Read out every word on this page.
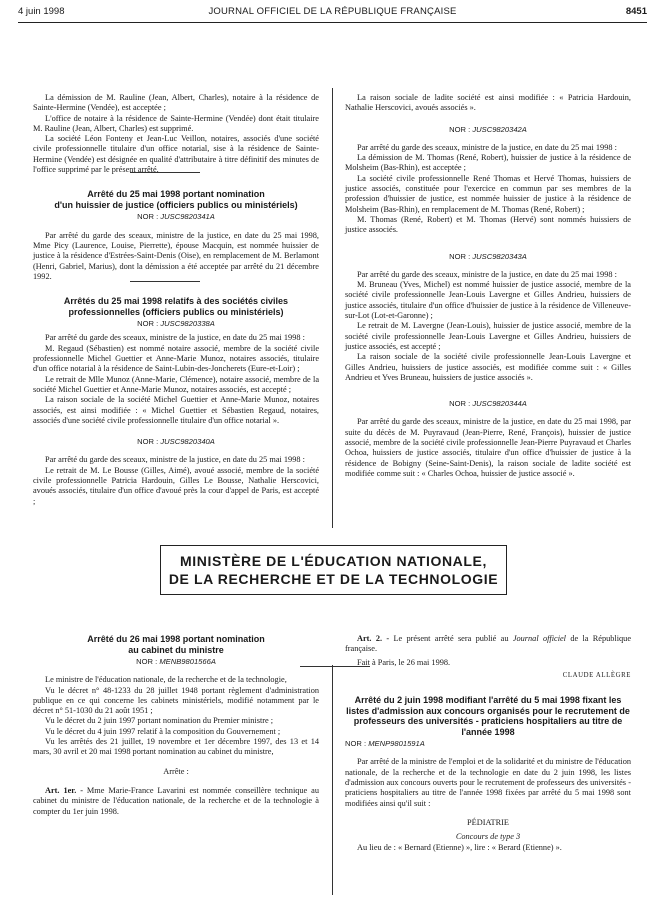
4 juin 1998	JOURNAL OFFICIEL DE LA RÉPUBLIQUE FRANÇAISE	8451

La démission de M. Rauline (Jean, Albert, Charles), notaire à la résidence de Sainte-Hermine (Vendée), est acceptée ;

L'office de notaire à la résidence de Sainte-Hermine (Vendée) dont était titulaire M. Rauline (Jean, Albert, Charles) est supprimé.

La société Léon Fonteny et Jean-Luc Veillon, notaires, associés d'une société civile professionnelle titulaire d'un office notarial, sise à la résidence de Sainte-Hermine (Vendée) est désignée en qualité d'attributaire à titre définitif des minutes de l'office supprimé par le présent arrêté.

Arrêté du 25 mai 1998 portant nomination
d'un huissier de justice (officiers publics ou ministériels)
NOR : JUSC9820341A

Par arrêté du garde des sceaux, ministre de la justice, en date du 25 mai 1998, Mme Picy (Laurence, Louise, Pierrette), épouse Macquin, est nommée huissier de justice à la résidence d'Estrées-Saint-Denis (Oise), en remplacement de M. Berlamont (Henri, Gabriel, Marius), dont la démission a été acceptée par arrêté du 21 décembre 1992.

Arrêtés du 25 mai 1998 relatifs à des sociétés civiles
professionnelles (officiers publics ou ministériels)
NOR : JUSC9820338A

Par arrêté du garde des sceaux, ministre de la justice, en date du 25 mai 1998 :

M. Regaud (Sébastien) est nommé notaire associé, membre de la société civile professionnelle Michel Guettier et Anne-Marie Munoz, notaires associés, titulaire d'un office notarial à la résidence de Saint-Lubin-des-Joncherets (Eure-et-Loir) ;

Le retrait de Mlle Munoz (Anne-Marie, Clémence), notaire associé, membre de la société Michel Guettier et Anne-Marie Munoz, notaires associés, est accepté ;

La raison sociale de la société Michel Guettier et Anne-Marie Munoz, notaires associés, est ainsi modifiée : « Michel Guettier et Sébastien Regaud, notaires, associés d'une société civile professionnelle titulaire d'un office notarial ».

NOR : JUSC9820340A

Par arrêté du garde des sceaux, ministre de la justice, en date du 25 mai 1998 :

Le retrait de M. Le Bousse (Gilles, Aimé), avoué associé, membre de la société civile professionnelle Patricia Hardouin, Gilles Le Bousse, Nathalie Herscovici, avoués associés, titulaire d'un office d'avoué près la cour d'appel de Paris, est accepté ;

La raison sociale de ladite société est ainsi modifiée : « Patricia Hardouin, Nathalie Herscovici, avoués associés ».

NOR : JUSC9820342A

Par arrêté du garde des sceaux, ministre de la justice, en date du 25 mai 1998 :

La démission de M. Thomas (René, Robert), huissier de justice à la résidence de Molsheim (Bas-Rhin), est acceptée ;

La société civile professionnelle René Thomas et Hervé Thomas, huissiers de justice associés, constituée pour l'exercice en commun par ses membres de la profession d'huissier de justice, est nommée huissier de justice à la résidence de Molsheim (Bas-Rhin), en remplacement de M. Thomas (René, Robert) ;

M. Thomas (René, Robert) et M. Thomas (Hervé) sont nommés huissiers de justice associés.

NOR : JUSC9820343A

Par arrêté du garde des sceaux, ministre de la justice, en date du 25 mai 1998 :

M. Bruneau (Yves, Michel) est nommé huissier de justice associé, membre de la société civile professionnelle Jean-Louis Lavergne et Gilles Andrieu, huissiers de justice associés, titulaire d'un office d'huissier de justice à la résidence de Villeneuve-sur-Lot (Lot-et-Garonne) ;

Le retrait de M. Lavergne (Jean-Louis), huissier de justice associé, membre de la société civile professionnelle Jean-Louis Lavergne et Gilles Andrieu, huissiers de justice associés, est accepté ;

La raison sociale de la société civile professionnelle Jean-Louis Lavergne et Gilles Andrieu, huissiers de justice associés, est modifiée comme suit : « Gilles Andrieu et Yves Bruneau, huissiers de justice associés ».

NOR : JUSC9820344A

Par arrêté du garde des sceaux, ministre de la justice, en date du 25 mai 1998, par suite du décès de M. Puyravaud (Jean-Pierre, René, François), huissier de justice associé, membre de la société civile professionnelle Jean-Pierre Puyravaud et Charles Ochoa, huissiers de justice associés, titulaire d'un office d'huissier de justice à la résidence de Bobigny (Seine-Saint-Denis), la raison sociale de ladite société est modifiée comme suit : « Charles Ochoa, huissier de justice associé ».

MINISTÈRE DE L'ÉDUCATION NATIONALE,
DE LA RECHERCHE ET DE LA TECHNOLOGIE
Arrêté du 26 mai 1998 portant nomination
au cabinet du ministre
NOR : MENB9801566A

Le ministre de l'éducation nationale, de la recherche et de la technologie,

Vu le décret n° 48-1233 du 28 juillet 1948 portant règlement d'administration publique en ce qui concerne les cabinets ministériels, modifié notamment par le décret n° 51-1030 du 21 août 1951 ;

Vu le décret du 2 juin 1997 portant nomination du Premier ministre ;

Vu le décret du 4 juin 1997 relatif à la composition du Gouvernement ;

Vu les arrêtés des 21 juillet, 19 novembre et 1er décembre 1997, des 13 et 14 mars, 30 avril et 20 mai 1998 portant nomination au cabinet du ministre,

Arrête :

Art. 1er. - Mme Marie-France Lavarini est nommée conseillère technique au cabinet du ministre de l'éducation nationale, de la recherche et de la technologie à compter du 1er juin 1998.

Art. 2. - Le présent arrêté sera publié au Journal officiel de la République française.

Fait à Paris, le 26 mai 1998.

CLAUDE ALLÈGRE

Arrêté du 2 juin 1998 modifiant l'arrêté du 5 mai 1998 fixant les listes d'admission aux concours organisés pour le recrutement de professeurs des universités - praticiens hospitaliers au titre de l'année 1998
NOR : MENP9801591A

Par arrêté de la ministre de l'emploi et de la solidarité et du ministre de l'éducation nationale, de la recherche et de la technologie en date du 2 juin 1998, les listes d'admission aux concours ouverts pour le recrutement de professeurs des universités - praticiens hospitaliers au titre de l'année 1998 fixées par arrêté du 5 mai 1998 sont modifiées ainsi qu'il suit :

PÉDIATRIE

Concours de type 3

Au lieu de : « Bernard (Etienne) », lire : « Berard (Etienne) ».
